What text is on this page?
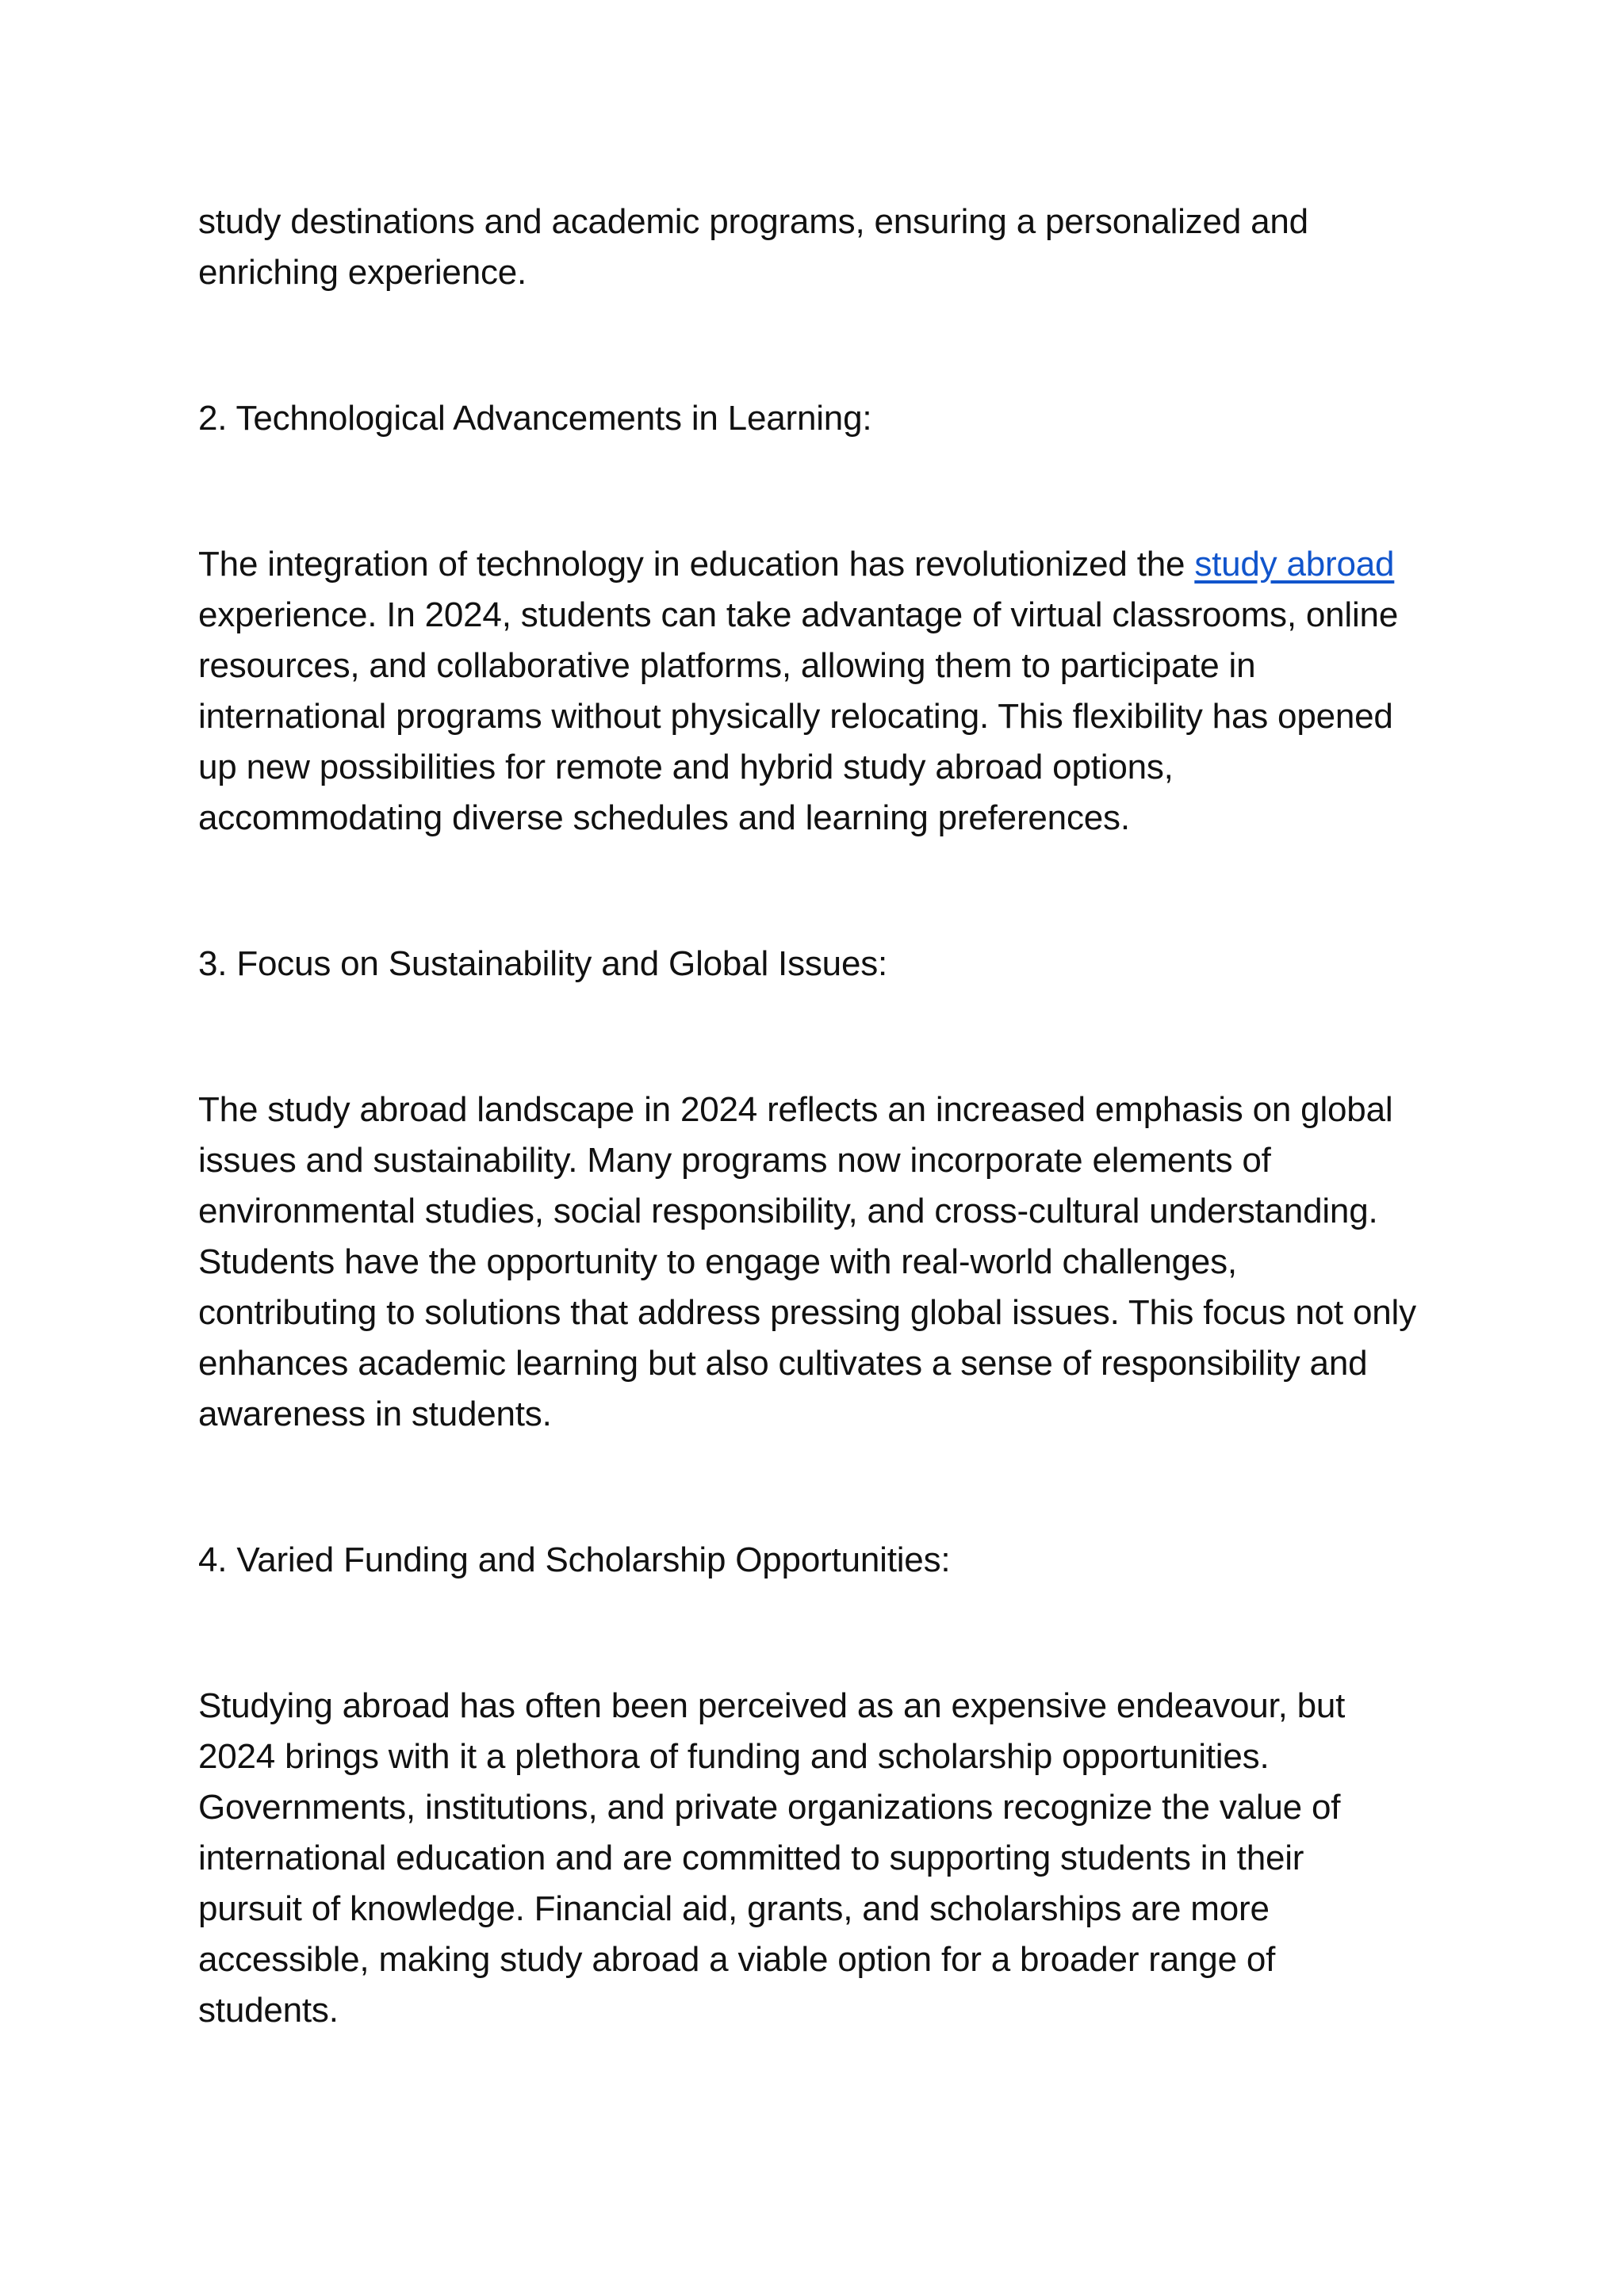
study destinations and academic programs, ensuring a personalized and
enriching experience.
2. Technological Advancements in Learning:
The integration of technology in education has revolutionized the study abroad
experience. In 2024, students can take advantage of virtual classrooms, online
resources, and collaborative platforms, allowing them to participate in
international programs without physically relocating. This flexibility has opened
up new possibilities for remote and hybrid study abroad options,
accommodating diverse schedules and learning preferences.
3. Focus on Sustainability and Global Issues:
The study abroad landscape in 2024 reflects an increased emphasis on global
issues and sustainability. Many programs now incorporate elements of
environmental studies, social responsibility, and cross-cultural understanding.
Students have the opportunity to engage with real-world challenges,
contributing to solutions that address pressing global issues. This focus not only
enhances academic learning but also cultivates a sense of responsibility and
awareness in students.
4. Varied Funding and Scholarship Opportunities:
Studying abroad has often been perceived as an expensive endeavour, but
2024 brings with it a plethora of funding and scholarship opportunities.
Governments, institutions, and private organizations recognize the value of
international education and are committed to supporting students in their
pursuit of knowledge. Financial aid, grants, and scholarships are more
accessible, making study abroad a viable option for a broader range of
students.
